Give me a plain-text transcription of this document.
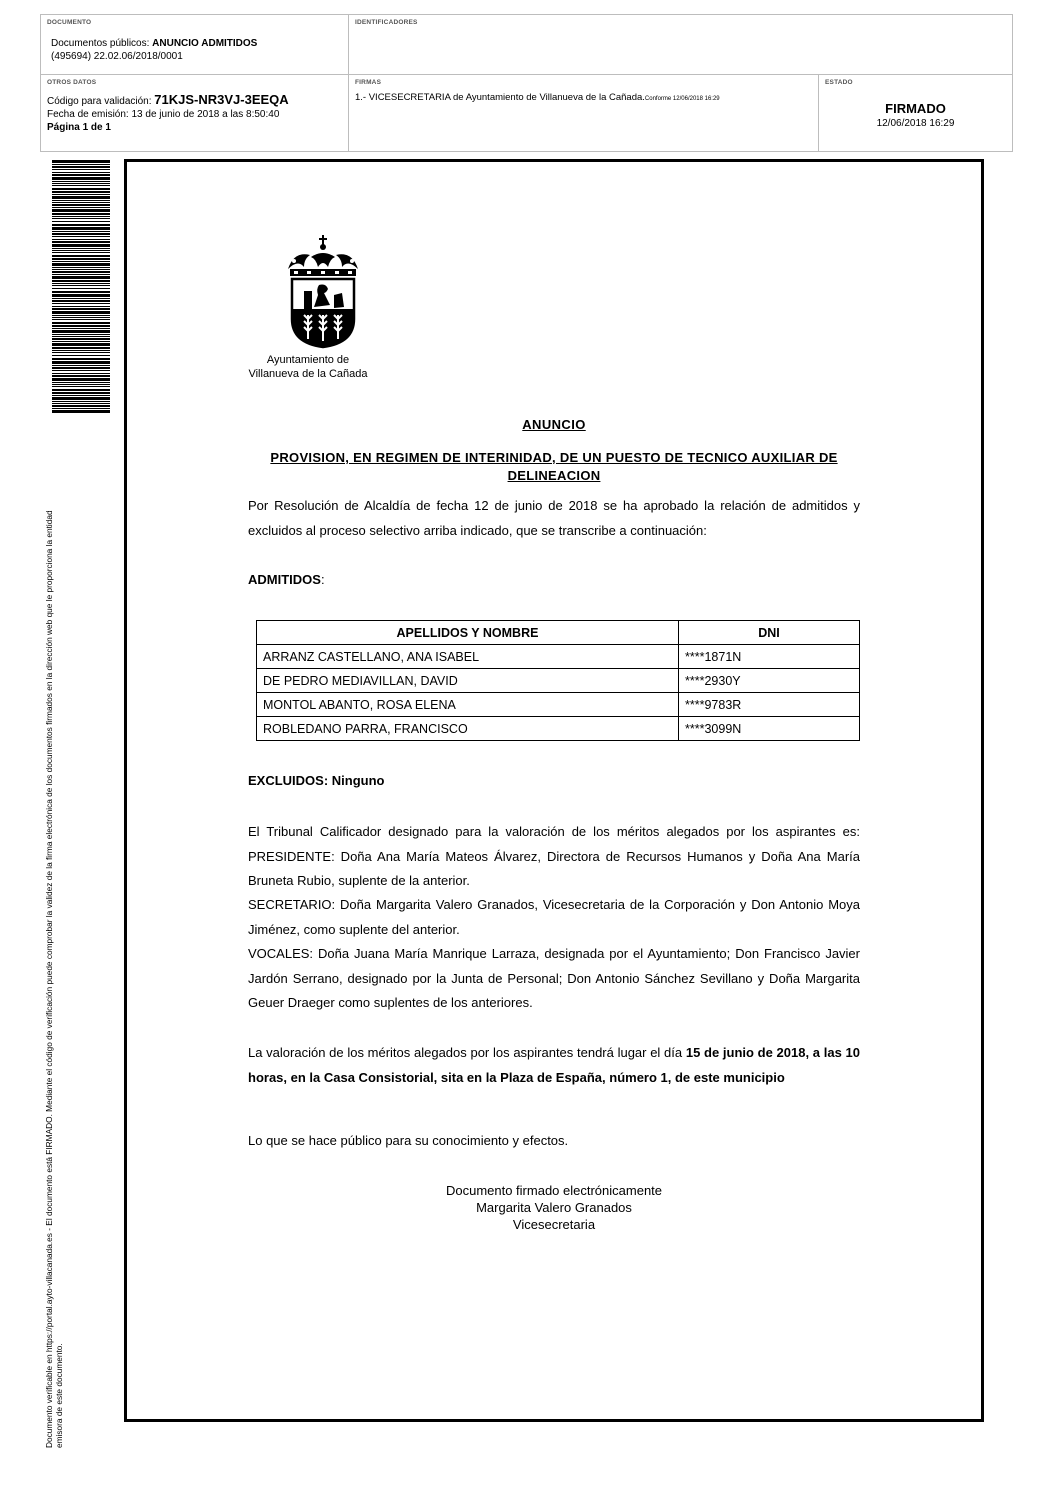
DOCUMENTO
Documentos públicos: ANUNCIO ADMITIDOS
(495694) 22.02.06/2018/0001
IDENTIFICADORES
OTROS DATOS
Código para validación: 71KJS-NR3VJ-3EEQA
Fecha de emisión: 13 de junio de 2018 a las 8:50:40
Página 1 de 1
FIRMAS
1.- VICESECRETARIA de Ayuntamiento de Villanueva de la Cañada.Conforme 12/06/2018 16:29
ESTADO
FIRMADO
12/06/2018 16:29
Documento verificable en https://portal.ayto-villacanada.es - El documento está FIRMADO. Mediante el código de verificación puede comprobar la validez de la firma electrónica de los documentos firmados en la dirección web que le proporciona la entidad emisora de este documento.
Ayuntamiento de
Villanueva de la Cañada
ANUNCIO
PROVISION, EN REGIMEN DE INTERINIDAD, DE UN PUESTO DE TECNICO AUXILIAR DE DELINEACION
Por Resolución de Alcaldía de fecha 12 de junio de 2018 se ha aprobado la relación de admitidos y excluidos al proceso selectivo arriba indicado, que se transcribe a continuación:
ADMITIDOS:
APELLIDOS Y NOMBRE	DNI
ARRANZ CASTELLANO, ANA ISABEL	****1871N
DE PEDRO MEDIAVILLAN, DAVID	****2930Y
MONTOL ABANTO, ROSA ELENA	****9783R
ROBLEDANO PARRA, FRANCISCO	****3099N
EXCLUIDOS: Ninguno
El Tribunal Calificador designado para la valoración de los méritos alegados por los aspirantes es: PRESIDENTE: Doña Ana María Mateos Álvarez, Directora de Recursos Humanos y Doña Ana María Bruneta Rubio, suplente de la anterior.
SECRETARIO: Doña Margarita Valero Granados, Vicesecretaria de la Corporación y Don Antonio Moya Jiménez, como suplente del anterior.
VOCALES: Doña Juana María Manrique Larraza, designada por el Ayuntamiento; Don Francisco Javier Jardón Serrano, designado por la Junta de Personal; Don Antonio Sánchez Sevillano y Doña Margarita Geuer Draeger como suplentes de los anteriores.
La valoración de los méritos alegados por los aspirantes tendrá lugar el día 15 de junio de 2018, a las 10 horas, en la Casa Consistorial, sita en la Plaza de España, número 1, de este municipio
Lo que se hace público para su conocimiento y efectos.
Documento firmado electrónicamente
Margarita Valero Granados
Vicesecretaria
